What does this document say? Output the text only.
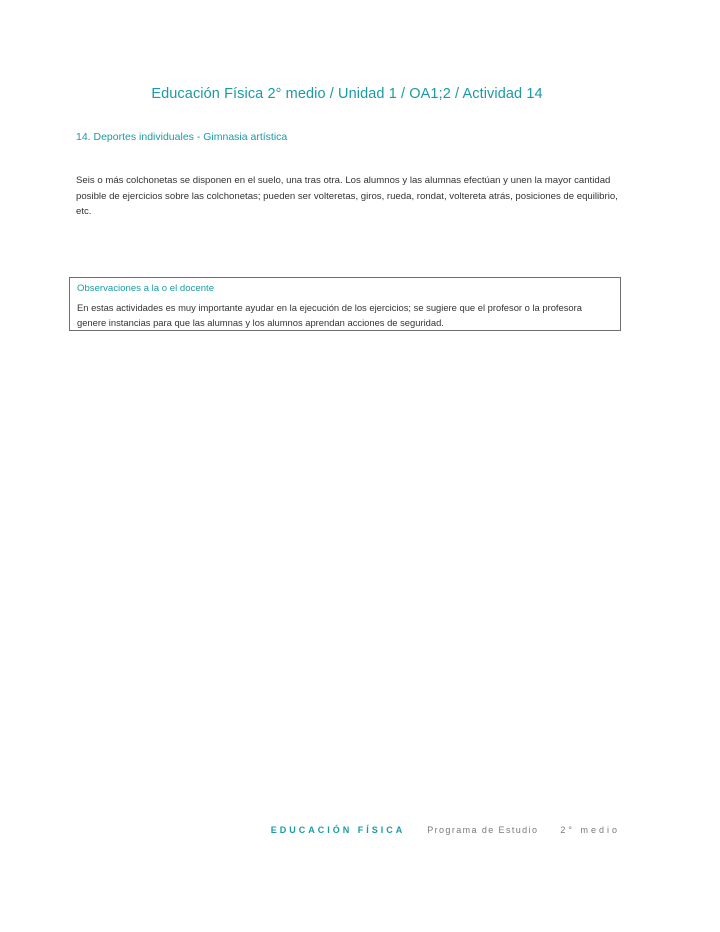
Educación Física 2° medio / Unidad 1 / OA1;2 / Actividad 14
14. Deportes individuales - Gimnasia artística
Seis o más colchonetas se disponen en el suelo, una tras otra. Los alumnos y las alumnas efectúan y unen la mayor cantidad posible de ejercicios sobre las colchonetas; pueden ser volteretas, giros, rueda, rondat, voltereta atrás, posiciones de equilibrio, etc.
Observaciones a la o el docente
En estas actividades es muy importante ayudar en la ejecución de los ejercicios; se sugiere que el profesor o la profesora genere instancias para que las alumnas y los alumnos aprendan acciones de seguridad.
EDUCACIÓN FÍSICA Programa de Estudio 2° medio
